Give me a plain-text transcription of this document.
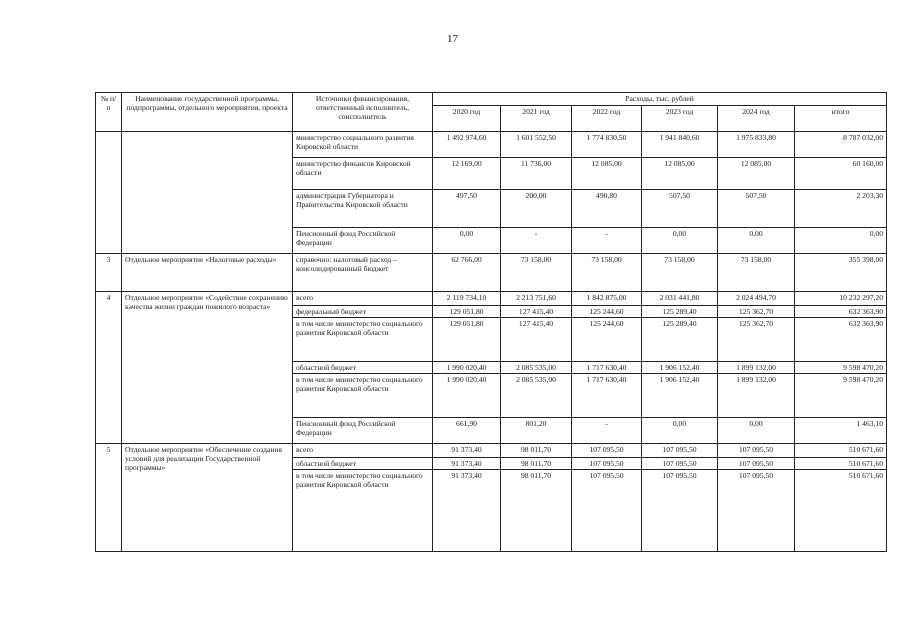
17
№ п/п	Наименование государственной программы, подпрограммы, отдельного мероприятия, проекта	Источники финансирования, ответственный исполнитель, соисполнитель	Расходы, тыс. рублей					
			2020 год	2021 год	2022 год	2023 год	2024 год	итого
		министерство социального развития Кировской области	1 492 974,60	1 601 552,50	1 774 830,50	1 941 840,60	1 975 833,80	8 787 032,00
		министерство финансов Кировской области	12 169,00	11 736,00	12 085,00	12 085,00	12 085,00	60 160,00
		администрация Губернатора и Правительства Кировской области	497,50	200,00	490,80	507,50	507,50	2 203,30
		Пенсионный фонд Российской Федерации	0,00	-	-	0,00	0,00	0,00
3	Отдельное мероприятие «Налоговые расходы»	справочно: налоговый расход – консолидированный бюджет	62 766,00	73 158,00	73 158,00	73 158,00	73 158,00	355 398,00
4	Отдельное мероприятие «Содействие сохранению качества жизни граждан пожилого возраста»	всего	2 119 734,10	2 213 751,60	1 842 875,00	2 031 441,80	2 024 494,70	10 232 297,20
		федеральный бюджет	129 051,80	127 415,40	125 244,60	125 289,40	125 362,70	632 363,90
		в том числе министерство социального развития Кировской области	129 051,80	127 415,40	125 244,60	125 289,40	125 362,70	632 363,90
		областной бюджет	1 990 020,40	2 085 535,00	1 717 630,40	1 906 152,40	1 899 132,00	9 598 470,20
		в том числе министерство социального развития Кировской области	1 990 020,40	2 085 535,00	1 717 630,40	1 906 152,40	1 899 132,00	9 598 470,20
		Пенсионный фонд Российской Федерации	661,90	801,20	-	0,00	0,00	1 463,10
5	Отдельное мероприятие «Обеспечение создания условий для реализации Государственной программы»	всего	91 373,40	98 011,70	107 095,50	107 095,50	107 095,50	510 671,60
		областной бюджет	91 373,40	98 011,70	107 095,50	107 095,50	107 095,50	510 671,60
		в том числе министерство социального развития Кировской области	91 373,40	98 011,70	107 095,50	107 095,50	107 095,50	510 671,60
